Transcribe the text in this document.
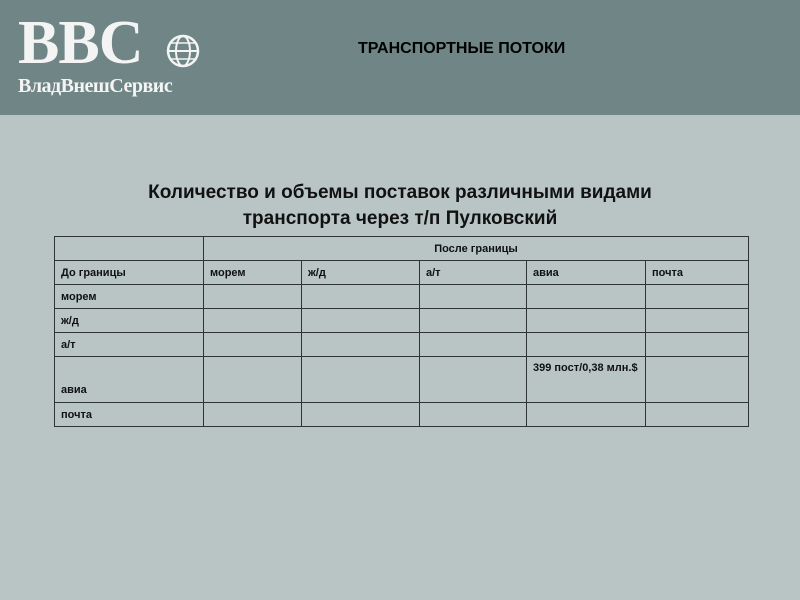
BBC
ВладВнешСервис
ТРАНСПОРТНЫЕ ПОТОКИ
Количество и объемы поставок различными видами
транспорта через т/п Пулковский
	После границы				
До границы	морем	ж/д	а/т	авиа	почта
морем					
ж/д					
а/т					
авиа				399 пост/0,38 млн.$	
почта					
